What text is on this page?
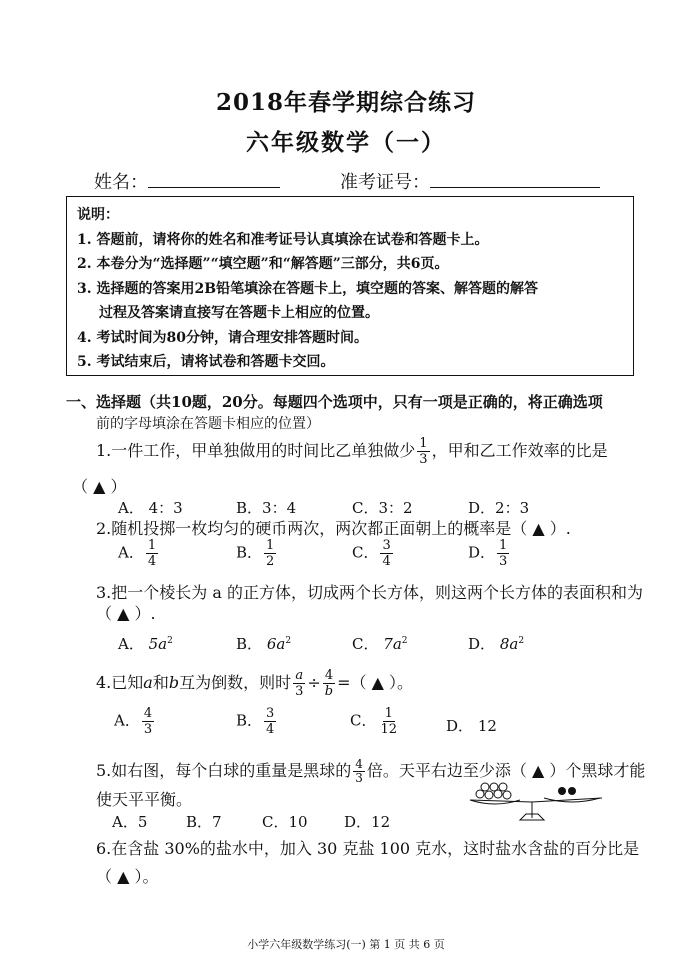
2018年春学期综合练习
六年级数学（一）
姓名：	准考证号：
说明：
1. 答题前，请将你的姓名和准考证号认真填涂在试卷和答题卡上。
2. 本卷分为“选择题”“填空题”和“解答题”三部分，共6页。
3. 选择题的答案用2B铅笔填涂在答题卡上，填空题的答案、解答题的解答
过程及答案请直接写在答题卡上相应的位置。
4. 考试时间为80分钟，请合理安排答题时间。
5. 考试结束后，请将试卷和答题卡交回。
一、选择题（共10题，20分。每题四个选项中，只有一项是正确的，将正确选项
前的字母填涂在答题卡相应的位置）
1.一件工作，甲单独做用的时间比乙单独做少 $\frac{1}{3}$ ，甲和乙工作效率的比是
（ ▲ ）
A． 4：3	B．3：4	C．3：2	D．2：3
2.随机投掷一枚均匀的硬币两次，两次都正面朝上的概率是（ ▲ ）.
A． $\frac{1}{4}$	B． $\frac{1}{2}$	C． $\frac{3}{4}$	D． $\frac{1}{3}$
3.把一个棱长为 a 的正方体，切成两个长方体，则这两个长方体的表面积和为
（ ▲ ）.
A． $5a^2$	B． $6a^2$	C． $7a^2$	D． $8a^2$
4.已知a和b互为倒数，则时 $\frac{a}{3} \div \frac{4}{b}$ =（ ▲ ）。
A． $\frac{4}{3}$	B． $\frac{3}{4}$	C． $\frac{1}{12}$	D． 12
5.如右图，每个白球的重量是黑球的 $\frac{4}{3}$ 倍。天平右边至少添（ ▲ ）个黑球才能
使天平平衡。
A．5	B．7	C．10 D．12
6.在含盐 30%的盐水中，加入 30 克盐 100 克水，这时盐水含盐的百分比是
（ ▲ ）。
小学六年级数学练习(一) 第 1 页 共 6 页
